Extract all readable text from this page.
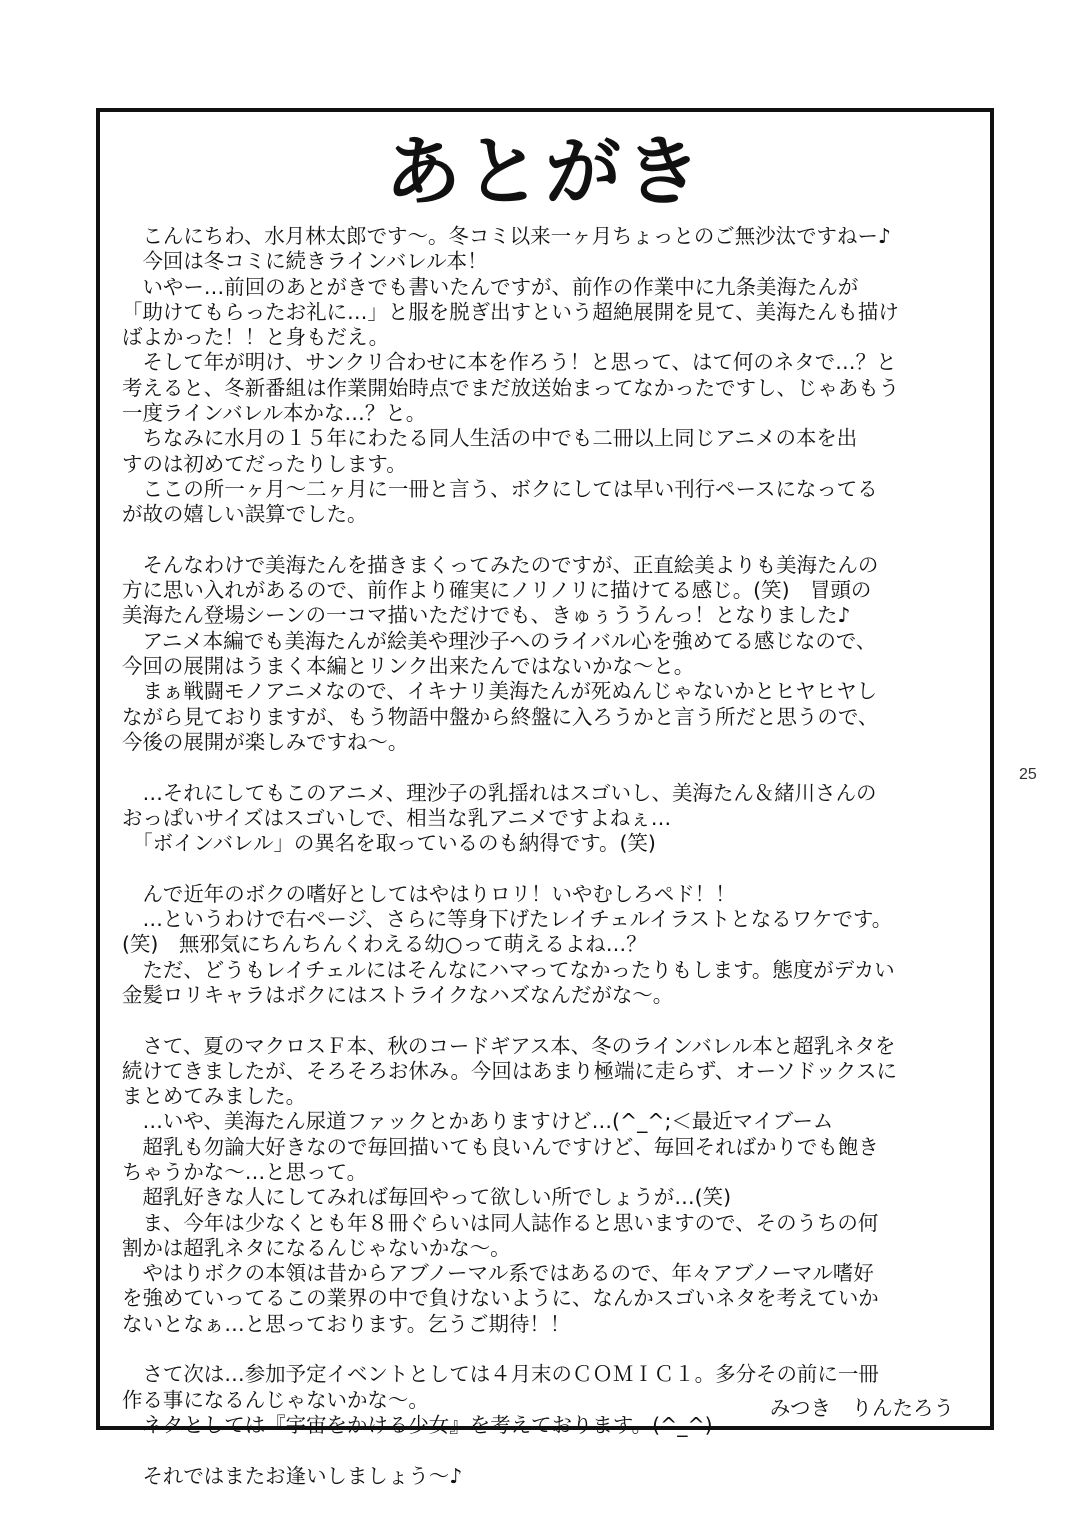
あとがき
　こんにちわ、水月林太郎です〜。冬コミ以来一ヶ月ちょっとのご無沙汰ですねー♪
　今回は冬コミに続きラインバレル本！
　いやー…前回のあとがきでも書いたんですが、前作の作業中に九条美海たんが
「助けてもらったお礼に…」と服を脱ぎ出すという超絶展開を見て、美海たんも描け
ばよかった！！と身もだえ。
　そして年が明け、サンクリ合わせに本を作ろう！と思って、はて何のネタで…？と
考えると、冬新番組は作業開始時点でまだ放送始まってなかったですし、じゃあもう
一度ラインバレル本かな…？と。
　ちなみに水月の１５年にわたる同人生活の中でも二冊以上同じアニメの本を出
すのは初めてだったりします。
　ここの所一ヶ月〜二ヶ月に一冊と言う、ボクにしては早い刊行ペースになってる
が故の嬉しい誤算でした。
　そんなわけで美海たんを描きまくってみたのですが、正直絵美よりも美海たんの
方に思い入れがあるので、前作より確実にノリノリに描けてる感じ。(笑)　冒頭の
美海たん登場シーンの一コマ描いただけでも、きゅぅううんっ！となりました♪
　アニメ本編でも美海たんが絵美や理沙子へのライバル心を強めてる感じなので、
今回の展開はうまく本編とリンク出来たんではないかな〜と。
　まぁ戦闘モノアニメなので、イキナリ美海たんが死ぬんじゃないかとヒヤヒヤし
ながら見ておりますが、もう物語中盤から終盤に入ろうかと言う所だと思うので、
今後の展開が楽しみですね〜。
　…それにしてもこのアニメ、理沙子の乳揺れはスゴいし、美海たん＆緒川さんの
おっぱいサイズはスゴいしで、相当な乳アニメですよねぇ…
　「ボインバレル」の異名を取っているのも納得です。(笑)
　んで近年のボクの嗜好としてはやはりロリ！いやむしろペド！！
　…というわけで右ページ、さらに等身下げたレイチェルイラストとなるワケです。
(笑)　無邪気にちんちんくわえる幼○って萌えるよね…？
　ただ、どうもレイチェルにはそんなにハマってなかったりもします。態度がデカい
金髪ロリキャラはボクにはストライクなハズなんだがな〜。
　さて、夏のマクロスＦ本、秋のコードギアス本、冬のラインバレル本と超乳ネタを
続けてきましたが、そろそろお休み。今回はあまり極端に走らず、オーソドックスに
まとめてみました。
　…いや、美海たん尿道ファックとかありますけど…(^_^;＜最近マイブーム
　超乳も勿論大好きなので毎回描いても良いんですけど、毎回そればかりでも飽き
ちゃうかな〜…と思って。
　超乳好きな人にしてみれば毎回やって欲しい所でしょうが…(笑)
　ま、今年は少なくとも年８冊ぐらいは同人誌作ると思いますので、そのうちの何
割かは超乳ネタになるんじゃないかな〜。
　やはりボクの本領は昔からアブノーマル系ではあるので、年々アブノーマル嗜好
を強めていってるこの業界の中で負けないように、なんかスゴいネタを考えていか
ないとなぁ…と思っております。乞うご期待！！
　さて次は…参加予定イベントとしては４月末のＣＯＭＩＣ１。多分その前に一冊
作る事になるんじゃないかな〜。
　ネタとしては『宇宙をかける少女』を考えております。(^_^)
　それではまたお逢いしましょう〜♪
みつき　りんたろう
25
